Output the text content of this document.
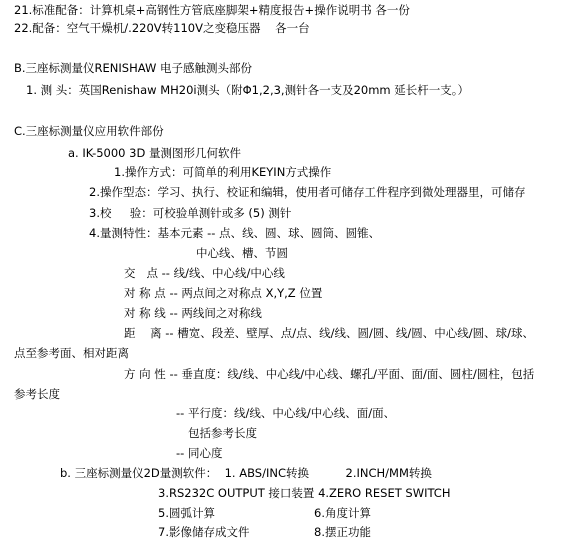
21.标准配备：计算机桌+高钢性方管底座脚架+精度报告+操作说明书 各一份
22.配备：空气干燥机/.220V转110V之变稳压器    各一台
B.三座标测量仪RENISHAW 电子感触测头部份
1. 测 头：英国Renishaw MH20i测头（附Φ1,2,3,测针各一支及20mm 延长杆一支。）
C.三座标测量仪应用软件部份
a. IK-5000 3D 量测图形几何软件
1.操作方式：可简单的利用KEYIN方式操作
2.操作型态：学习、执行、校证和编辑，使用者可储存工件程序到微处理器里，可储存
3.校     验：可校验单测针或多 (5) 测针
4.量测特性：基本元素 -- 点、线、圆、球、圆筒、圆锥、
中心线、槽、节圆
交   点 -- 线/线、中心线/中心线
对 称 点 -- 两点间之对称点 X,Y,Z 位置
对 称 线 -- 两线间之对称线
距    离 -- 槽宽、段差、壁厚、点/点、线/线、圆/圆、线/圆、中心线/圆、球/球、
点至参考面、相对距离
方 向 性 -- 垂直度：线/线、中心线/中心线、螺孔/平面、面/面、圆柱/圆柱，包括
参考长度
-- 平行度：线/线、中心线/中心线、面/面、
包括参考长度
-- 同心度
b. 三座标测量仪2D量测软件：  1. ABS/INC转换          2.INCH/MM转换
3.RS232C OUTPUT 接口装置 4.ZERO RESET SWITCH
5.圆弧计算	6.角度计算
7.影像储存成文件	8.摆正功能
